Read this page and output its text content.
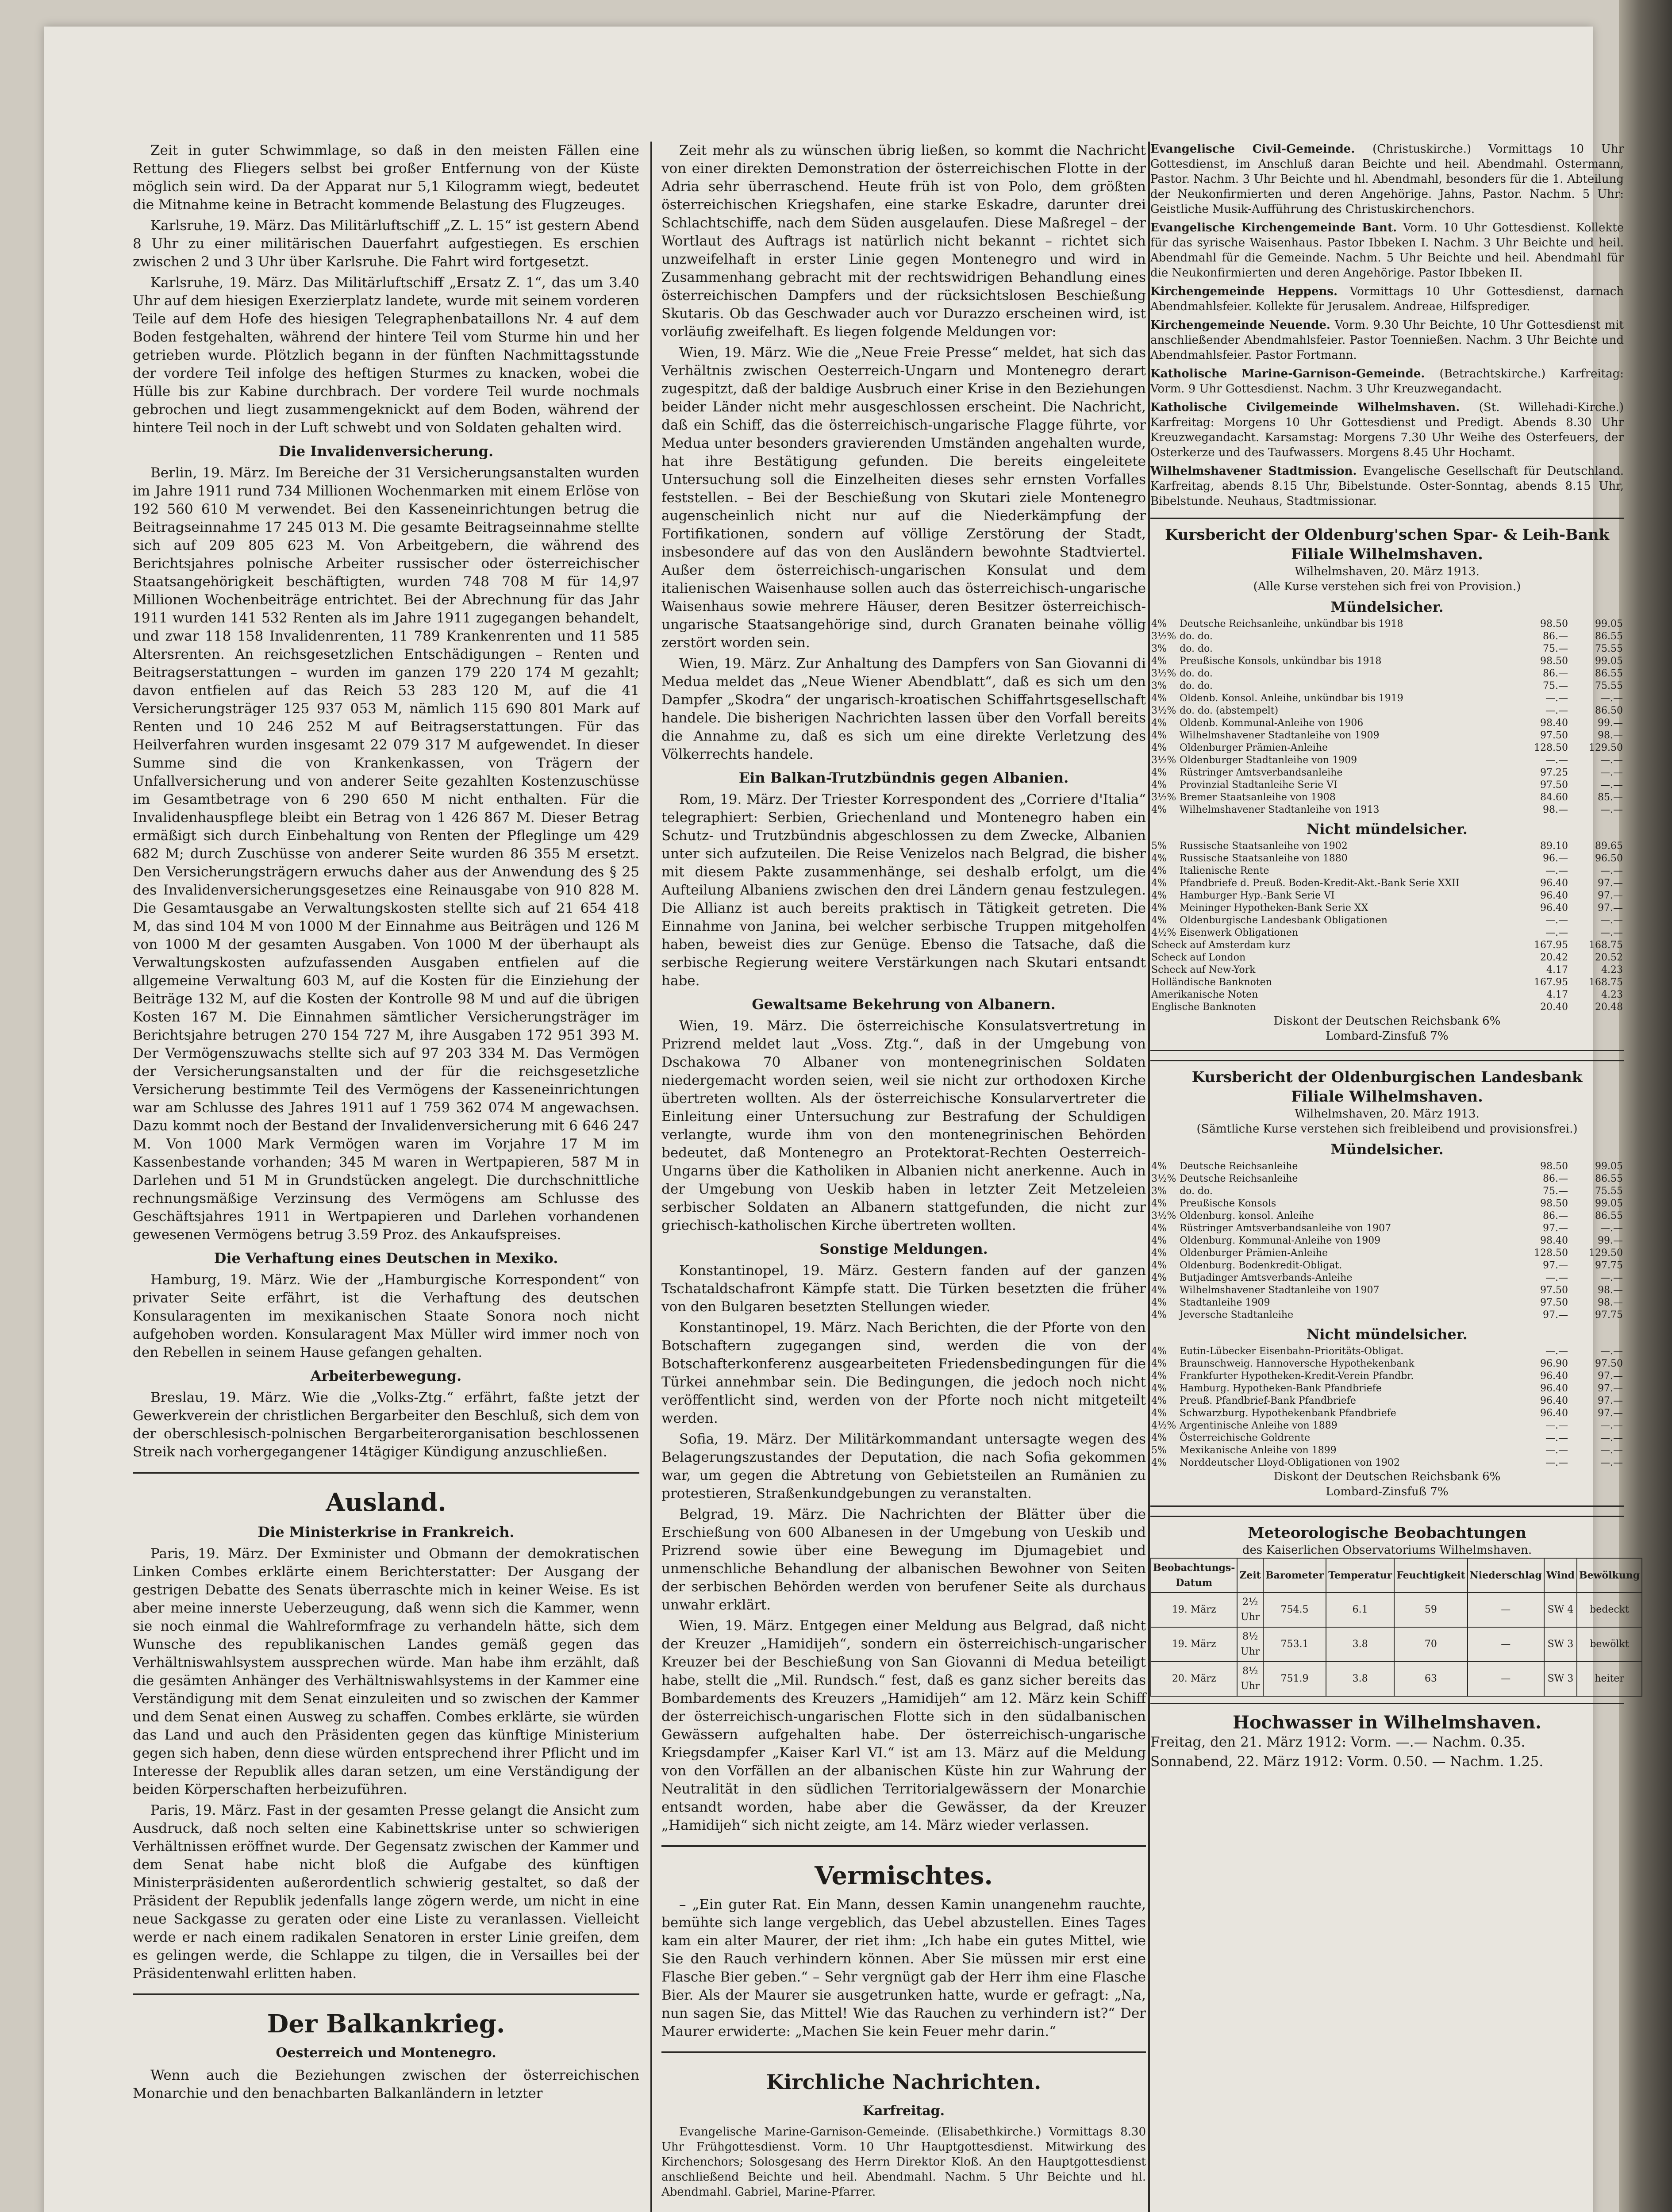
Zeit in guter Schwimmlage, so daß in den meisten Fällen eine Rettung des Fliegers selbst bei großer Entfernung von der Küste möglich sein wird. Da der Apparat nur 5,1 Kilogramm wiegt, bedeutet die Mitnahme keine in Betracht kommende Belastung des Flugzeuges.

Karlsruhe, 19. März. Das Militärluftschiff „Z. L. 15“ ist gestern Abend 8 Uhr zu einer militärischen Dauerfahrt aufgestiegen. Es erschien zwischen 2 und 3 Uhr über Karlsruhe. Die Fahrt wird fortgesetzt.

Karlsruhe, 19. März. Das Militärluftschiff „Ersatz Z. 1“, das um 3.40 Uhr auf dem hiesigen Exerzierplatz landete, wurde mit seinem vorderen Teile auf dem Hofe des hiesigen Telegraphenbataillons Nr. 4 auf dem Boden festgehalten, während der hintere Teil vom Sturme hin und her getrieben wurde. Plötzlich begann in der fünften Nachmittagsstunde der vordere Teil infolge des heftigen Sturmes zu knacken, wobei die Hülle bis zur Kabine durchbrach. Der vordere Teil wurde nochmals gebrochen und liegt zusammengeknickt auf dem Boden, während der hintere Teil noch in der Luft schwebt und von Soldaten gehalten wird.

Die Invalidenversicherung.

Berlin, 19. März. Im Bereiche der 31 Versicherungsanstalten wurden im Jahre 1911 rund 734 Millionen Wochenmarken mit einem Erlöse von 192 560 610 M verwendet. Bei den Kasseneinrichtungen betrug die Beitragseinnahme 17 245 013 M. Die gesamte Beitragseinnahme stellte sich auf 209 805 623 M. Von Arbeitgebern, die während des Berichtsjahres polnische Arbeiter russischer oder österreichischer Staatsangehörigkeit beschäftigten, wurden 748 708 M für 14,97 Millionen Wochenbeiträge entrichtet. Bei der Abrechnung für das Jahr 1911 wurden 141 532 Renten als im Jahre 1911 zugegangen behandelt, und zwar 118 158 Invalidenrenten, 11 789 Krankenrenten und 11 585 Altersrenten. An reichsgesetzlichen Entschädigungen – Renten und Beitragserstattungen – wurden im ganzen 179 220 174 M gezahlt; davon entfielen auf das Reich 53 283 120 M, auf die 41 Versicherungsträger 125 937 053 M, nämlich 115 690 801 Mark auf Renten und 10 246 252 M auf Beitragserstattungen. Für das Heilverfahren wurden insgesamt 22 079 317 M aufgewendet. In dieser Summe sind die von Krankenkassen, von Trägern der Unfallversicherung und von anderer Seite gezahlten Kostenzuschüsse im Gesamtbetrage von 6 290 650 M nicht enthalten. Für die Invalidenhauspflege bleibt ein Betrag von 1 426 867 M. Dieser Betrag ermäßigt sich durch Einbehaltung von Renten der Pfleglinge um 429 682 M; durch Zuschüsse von anderer Seite wurden 86 355 M ersetzt. Den Versicherungsträgern erwuchs daher aus der Anwendung des § 25 des Invalidenversicherungsgesetzes eine Reinausgabe von 910 828 M. Die Gesamtausgabe an Verwaltungskosten stellte sich auf 21 654 418 M, das sind 104 M von 1000 M der Einnahme aus Beiträgen und 126 M von 1000 M der gesamten Ausgaben. Von 1000 M der überhaupt als Verwaltungskosten aufzufassenden Ausgaben entfielen auf die allgemeine Verwaltung 603 M, auf die Kosten für die Einziehung der Beiträge 132 M, auf die Kosten der Kontrolle 98 M und auf die übrigen Kosten 167 M. Die Einnahmen sämtlicher Versicherungsträger im Berichtsjahre betrugen 270 154 727 M, ihre Ausgaben 172 951 393 M. Der Vermögenszuwachs stellte sich auf 97 203 334 M. Das Vermögen der Versicherungsanstalten und der für die reichsgesetzliche Versicherung bestimmte Teil des Vermögens der Kasseneinrichtungen war am Schlusse des Jahres 1911 auf 1 759 362 074 M angewachsen. Dazu kommt noch der Bestand der Invalidenversicherung mit 6 646 247 M. Von 1000 Mark Vermögen waren im Vorjahre 17 M im Kassenbestande vorhanden; 345 M waren in Wertpapieren, 587 M in Darlehen und 51 M in Grundstücken angelegt. Die durchschnittliche rechnungsmäßige Verzinsung des Vermögens am Schlusse des Geschäftsjahres 1911 in Wertpapieren und Darlehen vorhandenen gewesenen Vermögens betrug 3.59 Proz. des Ankaufspreises.

Die Verhaftung eines Deutschen in Mexiko.

Hamburg, 19. März. Wie der „Hamburgische Korrespondent“ von privater Seite erfährt, ist die Verhaftung des deutschen Konsularagenten im mexikanischen Staate Sonora noch nicht aufgehoben worden. Konsularagent Max Müller wird immer noch von den Rebellen in seinem Hause gefangen gehalten.

Arbeiterbewegung.

Breslau, 19. März. Wie die „Volks-Ztg.“ erfährt, faßte jetzt der Gewerkverein der christlichen Bergarbeiter den Beschluß, sich dem von der oberschlesisch-polnischen Bergarbeiterorganisation beschlossenen Streik nach vorhergegangener 14tägiger Kündigung anzuschließen.

Ausland.
Die Ministerkrise in Frankreich.

Paris, 19. März. Der Exminister und Obmann der demokratischen Linken Combes erklärte einem Berichterstatter: Der Ausgang der gestrigen Debatte des Senats überraschte mich in keiner Weise. Es ist aber meine innerste Ueberzeugung, daß wenn sich die Kammer, wenn sie noch einmal die Wahlreformfrage zu verhandeln hätte, sich dem Wunsche des republikanischen Landes gemäß gegen das Verhältniswahlsystem aussprechen würde. Man habe ihm erzählt, daß die gesämten Anhänger des Verhältniswahlsystems in der Kammer eine Verständigung mit dem Senat einzuleiten und so zwischen der Kammer und dem Senat einen Ausweg zu schaffen. Combes erklärte, sie würden das Land und auch den Präsidenten gegen das künftige Ministerium gegen sich haben, denn diese würden entsprechend ihrer Pflicht und im Interesse der Republik alles daran setzen, um eine Verständigung der beiden Körperschaften herbeizuführen.

Paris, 19. März. Fast in der gesamten Presse gelangt die Ansicht zum Ausdruck, daß noch selten eine Kabinettskrise unter so schwierigen Verhältnissen eröffnet wurde. Der Gegensatz zwischen der Kammer und dem Senat habe nicht bloß die Aufgabe des künftigen Ministerpräsidenten außerordentlich schwierig gestaltet, so daß der Präsident der Republik jedenfalls lange zögern werde, um nicht in eine neue Sackgasse zu geraten oder eine Liste zu veranlassen. Vielleicht werde er nach einem radikalen Senatoren in erster Linie greifen, dem es gelingen werde, die Schlappe zu tilgen, die in Versailles bei der Präsidentenwahl erlitten haben.

Der Balkankrieg.
Oesterreich und Montenegro.

Wenn auch die Beziehungen zwischen der österreichischen Monarchie und den benachbarten Balkanländern in letzter

Zeit mehr als zu wünschen übrig ließen, so kommt die Nachricht von einer direkten Demonstration der österreichischen Flotte in der Adria sehr überraschend. Heute früh ist von Polo, dem größten österreichischen Kriegshafen, eine starke Eskadre, darunter drei Schlachtschiffe, nach dem Süden ausgelaufen. Diese Maßregel – der Wortlaut des Auftrags ist natürlich nicht bekannt – richtet sich unzweifelhaft in erster Linie gegen Montenegro und wird in Zusammenhang gebracht mit der rechtswidrigen Behandlung eines österreichischen Dampfers und der rücksichtslosen Beschießung Skutaris. Ob das Geschwader auch vor Durazzo erscheinen wird, ist vorläufig zweifelhaft. Es liegen folgende Meldungen vor:

Wien, 19. März. Wie die „Neue Freie Presse“ meldet, hat sich das Verhältnis zwischen Oesterreich-Ungarn und Montenegro derart zugespitzt, daß der baldige Ausbruch einer Krise in den Beziehungen beider Länder nicht mehr ausgeschlossen erscheint. Die Nachricht, daß ein Schiff, das die österreichisch-ungarische Flagge führte, vor Medua unter besonders gravierenden Umständen angehalten wurde, hat ihre Bestätigung gefunden. Die bereits eingeleitete Untersuchung soll die Einzelheiten dieses sehr ernsten Vorfalles feststellen. – Bei der Beschießung von Skutari ziele Montenegro augenscheinlich nicht nur auf die Niederkämpfung der Fortifikationen, sondern auf völlige Zerstörung der Stadt, insbesondere auf das von den Ausländern bewohnte Stadtviertel. Außer dem österreichisch-ungarischen Konsulat und dem italienischen Waisenhause sollen auch das österreichisch-ungarische Waisenhaus sowie mehrere Häuser, deren Besitzer österreichisch-ungarische Staatsangehörige sind, durch Granaten beinahe völlig zerstört worden sein.

Wien, 19. März. Zur Anhaltung des Dampfers von San Giovanni di Medua meldet das „Neue Wiener Abendblatt“, daß es sich um den Dampfer „Skodra“ der ungarisch-kroatischen Schiffahrtsgesellschaft handele. Die bisherigen Nachrichten lassen über den Vorfall bereits die Annahme zu, daß es sich um eine direkte Verletzung des Völkerrechts handele.

Ein Balkan-Trutzbündnis gegen Albanien.

Rom, 19. März. Der Triester Korrespondent des „Corriere d'Italia“ telegraphiert: Serbien, Griechenland und Montenegro haben ein Schutz- und Trutzbündnis abgeschlossen zu dem Zwecke, Albanien unter sich aufzuteilen. Die Reise Venizelos nach Belgrad, die bisher mit diesem Pakte zusammenhänge, sei deshalb erfolgt, um die Aufteilung Albaniens zwischen den drei Ländern genau festzulegen. Die Allianz ist auch bereits praktisch in Tätigkeit getreten. Die Einnahme von Janina, bei welcher serbische Truppen mitgeholfen haben, beweist dies zur Genüge. Ebenso die Tatsache, daß die serbische Regierung weitere Verstärkungen nach Skutari entsandt habe.

Gewaltsame Bekehrung von Albanern.

Wien, 19. März. Die österreichische Konsulatsvertretung in Prizrend meldet laut „Voss. Ztg.“, daß in der Umgebung von Dschakowa 70 Albaner von montenegrinischen Soldaten niedergemacht worden seien, weil sie nicht zur orthodoxen Kirche übertreten wollten. Als der österreichische Konsularvertreter die Einleitung einer Untersuchung zur Bestrafung der Schuldigen verlangte, wurde ihm von den montenegrinischen Behörden bedeutet, daß Montenegro an Protektorat-Rechten Oesterreich-Ungarns über die Katholiken in Albanien nicht anerkenne. Auch in der Umgebung von Ueskib haben in letzter Zeit Metzeleien serbischer Soldaten an Albanern stattgefunden, die nicht zur griechisch-katholischen Kirche übertreten wollten.

Sonstige Meldungen.

Konstantinopel, 19. März. Gestern fanden auf der ganzen Tschataldschafront Kämpfe statt. Die Türken besetzten die früher von den Bulgaren besetzten Stellungen wieder.

Konstantinopel, 19. März. Nach Berichten, die der Pforte von den Botschaftern zugegangen sind, werden die von der Botschafterkonferenz ausgearbeiteten Friedensbedingungen für die Türkei annehmbar sein. Die Bedingungen, die jedoch noch nicht veröffentlicht sind, werden von der Pforte noch nicht mitgeteilt werden.

Sofia, 19. März. Der Militärkommandant untersagte wegen des Belagerungszustandes der Deputation, die nach Sofia gekommen war, um gegen die Abtretung von Gebietsteilen an Rumänien zu protestieren, Straßenkundgebungen zu veranstalten.

Belgrad, 19. März. Die Nachrichten der Blätter über die Erschießung von 600 Albanesen in der Umgebung von Ueskib und Prizrend sowie über eine Bewegung im Djumagebiet und unmenschliche Behandlung der albanischen Bewohner von Seiten der serbischen Behörden werden von berufener Seite als durchaus unwahr erklärt.

Wien, 19. März. Entgegen einer Meldung aus Belgrad, daß nicht der Kreuzer „Hamidijeh“, sondern ein österreichisch-ungarischer Kreuzer bei der Beschießung von San Giovanni di Medua beteiligt habe, stellt die „Mil. Rundsch.“ fest, daß es ganz sicher bereits das Bombardements des Kreuzers „Hamidijeh“ am 12. März kein Schiff der österreichisch-ungarischen Flotte sich in den südalbanischen Gewässern aufgehalten habe. Der österreichisch-ungarische Kriegsdampfer „Kaiser Karl VI.“ ist am 13. März auf die Meldung von den Vorfällen an der albanischen Küste hin zur Wahrung der Neutralität in den südlichen Territorialgewässern der Monarchie entsandt worden, habe aber die Gewässer, da der Kreuzer „Hamidijeh“ sich nicht zeigte, am 14. März wieder verlassen.

Vermischtes.

– „Ein guter Rat. Ein Mann, dessen Kamin unangenehm rauchte, bemühte sich lange vergeblich, das Uebel abzustellen. Eines Tages kam ein alter Maurer, der riet ihm: „Ich habe ein gutes Mittel, wie Sie den Rauch verhindern können. Aber Sie müssen mir erst eine Flasche Bier geben.“ – Sehr vergnügt gab der Herr ihm eine Flasche Bier. Als der Maurer sie ausgetrunken hatte, wurde er gefragt: „Na, nun sagen Sie, das Mittel! Wie das Rauchen zu verhindern ist?“ Der Maurer erwiderte: „Machen Sie kein Feuer mehr darin.“

Kirchliche Nachrichten.
Karfreitag.

Evangelische Marine-Garnison-Gemeinde. (Elisabethkirche.) Vormittags 8.30 Uhr Frühgottesdienst. Vorm. 10 Uhr Hauptgottesdienst. Mitwirkung des Kirchenchors; Solosgesang des Herrn Direktor Kloß. An den Hauptgottesdienst anschließend Beichte und heil. Abendmahl. Nachm. 5 Uhr Beichte und hl. Abendmahl. Gabriel, Marine-Pfarrer.

Evangelische Civil-Gemeinde. (Christuskirche.) Vormittags 10 Uhr Gottesdienst, im Anschluß daran Beichte und heil. Abendmahl. Ostermann, Pastor. Nachm. 3 Uhr Beichte und hl. Abendmahl, besonders für die 1. Abteilung der Neukonfirmierten und deren Angehörige. Jahns, Pastor. Nachm. 5 Uhr: Geistliche Musik-Aufführung des Christuskirchenchors.
Evangelische Kirchengemeinde Bant. Vorm. 10 Uhr Gottesdienst. Kollekte für das syrische Waisenhaus. Pastor Ibbeken I. Nachm. 3 Uhr Beichte und heil. Abendmahl für die Gemeinde. Nachm. 5 Uhr Beichte und heil. Abendmahl für die Neukonfirmierten und deren Angehörige. Pastor Ibbeken II.
Kirchengemeinde Heppens. Vormittags 10 Uhr Gottesdienst, darnach Abendmahlsfeier. Kollekte für Jerusalem. Andreae, Hilfsprediger.
Kirchengemeinde Neuende. Vorm. 9.30 Uhr Beichte, 10 Uhr Gottesdienst mit anschließender Abendmahlsfeier. Pastor Toennießen. Nachm. 3 Uhr Beichte und Abendmahlsfeier. Pastor Fortmann.
Katholische Marine-Garnison-Gemeinde. (Betrachtskirche.) Karfreitag: Vorm. 9 Uhr Gottesdienst. Nachm. 3 Uhr Kreuzwegandacht.
Katholische Civilgemeinde Wilhelmshaven. (St. Willehadi-Kirche.) Karfreitag: Morgens 10 Uhr Gottesdienst und Predigt. Abends 8.30 Uhr Kreuzwegandacht. Karsamstag: Morgens 7.30 Uhr Weihe des Osterfeuers, der Osterkerze und des Taufwassers. Morgens 8.45 Uhr Hochamt.
Wilhelmshavener Stadtmission. Evangelische Gesellschaft für Deutschland. Karfreitag, abends 8.15 Uhr, Bibelstunde. Oster-Sonntag, abends 8.15 Uhr, Bibelstunde. Neuhaus, Stadtmissionar.
Kursbericht der Oldenburg'schen Spar- & Leih-Bank
Filiale Wilhelmshaven.
Wilhelmshaven, 20. März 1913.
(Alle Kurse verstehen sich frei von Provision.)
Mündelsicher.
4%	Deutsche Reichsanleihe, unkündbar bis 1918	98.50	99.05
3½%	do. do.	86.—	86.55
3%	do. do.	75.—	75.55
4%	Preußische Konsols, unkündbar bis 1918	98.50	99.05
3½%	do. do.	86.—	86.55
3%	do. do.	75.—	75.55
4%	Oldenb. Konsol. Anleihe, unkündbar bis 1919	—.—	—.—
3½%	do. do. (abstempelt)	—.—	86.50
4%	Oldenb. Kommunal-Anleihe von 1906	98.40	99.—
4%	Wilhelmshavener Stadtanleihe von 1909	97.50	98.—
4%	Oldenburger Prämien-Anleihe	128.50	129.50
3½%	Oldenburger Stadtanleihe von 1909	—.—	—.—
4%	Rüstringer Amtsverbandsanleihe	97.25	—.—
4%	Provinzial Stadtanleihe Serie VI	97.50	—.—
3½%	Bremer Staatsanleihe von 1908	84.60	85.—
4%	Wilhelmshavener Stadtanleihe von 1913	98.—	—.—
Nicht mündelsicher.
5%	Russische Staatsanleihe von 1902	89.10	89.65
4%	Russische Staatsanleihe von 1880	96.—	96.50
4%	Italienische Rente	—.—	—.—
4%	Pfandbriefe d. Preuß. Boden-Kredit-Akt.-Bank Serie XXII	96.40	97.—
4%	Hamburger Hyp.-Bank Serie VI	96.40	97.—
4%	Meininger Hypotheken-Bank Serie XX	96.40	97.—
4%	Oldenburgische Landesbank Obligationen	—.—	—.—
4½%	Eisenwerk Obligationen	—.—	—.—
Scheck auf Amsterdam kurz	167.95	168.75
Scheck auf London	20.42	20.52
Scheck auf New-York	4.17	4.23
Holländische Banknoten	167.95	168.75
Amerikanische Noten	4.17	4.23
Englische Banknoten	20.40	20.48
Diskont der Deutschen Reichsbank 6%
Lombard-Zinsfuß 7%
Kursbericht der Oldenburgischen Landesbank
Filiale Wilhelmshaven.
Wilhelmshaven, 20. März 1913.
(Sämtliche Kurse verstehen sich freibleibend und provisionsfrei.)
Mündelsicher.
4%	Deutsche Reichsanleihe	98.50	99.05
3½%	Deutsche Reichsanleihe	86.—	86.55
3%	do. do.	75.—	75.55
4%	Preußische Konsols	98.50	99.05
3½%	Oldenburg. konsol. Anleihe	86.—	86.55
4%	Rüstringer Amtsverbandsanleihe von 1907	97.—	—.—
4%	Oldenburg. Kommunal-Anleihe von 1909	98.40	99.—
4%	Oldenburger Prämien-Anleihe	128.50	129.50
4%	Oldenburg. Bodenkredit-Obligat.	97.—	97.75
4%	Butjadinger Amtsverbands-Anleihe	—.—	—.—
4%	Wilhelmshavener Stadtanleihe von 1907	97.50	98.—
4%	Stadtanleihe 1909	97.50	98.—
4%	Jeversche Stadtanleihe	97.—	97.75
Nicht mündelsicher.
4%	Eutin-Lübecker Eisenbahn-Prioritäts-Obligat.	—.—	—.—
4%	Braunschweig. Hannoversche Hypothekenbank	96.90	97.50
4%	Frankfurter Hypotheken-Kredit-Verein Pfandbr.	96.40	97.—
4%	Hamburg. Hypotheken-Bank Pfandbriefe	96.40	97.—
4%	Preuß. Pfandbrief-Bank Pfandbriefe	96.40	97.—
4%	Schwarzburg. Hypothekenbank Pfandbriefe	96.40	97.—
4½%	Argentinische Anleihe von 1889	—.—	—.—
4%	Österreichische Goldrente	—.—	—.—
5%	Mexikanische Anleihe von 1899	—.—	—.—
4%	Norddeutscher Lloyd-Obligationen von 1902	—.—	—.—
Diskont der Deutschen Reichsbank 6%
Lombard-Zinsfuß 7%
Meteorologische Beobachtungen
des Kaiserlichen Observatoriums Wilhelmshaven.
Beobachtungs-Datum	Zeit	Barometer	Temperatur	Feuchtigkeit	Niederschlag	Wind	Bewölkung
19. März	2½ Uhr	754.5	6.1	59	—	SW 4	bedeckt
19. März	8½ Uhr	753.1	3.8	70	—	SW 3	bewölkt
20. März	8½ Uhr	751.9	3.8	63	—	SW 3	heiter
Hochwasser in Wilhelmshaven.
Freitag, den 21. März 1912: Vorm. —.— Nachm. 0.35.
Sonnabend, 22. März 1912: Vorm. 0.50. — Nachm. 1.25.
